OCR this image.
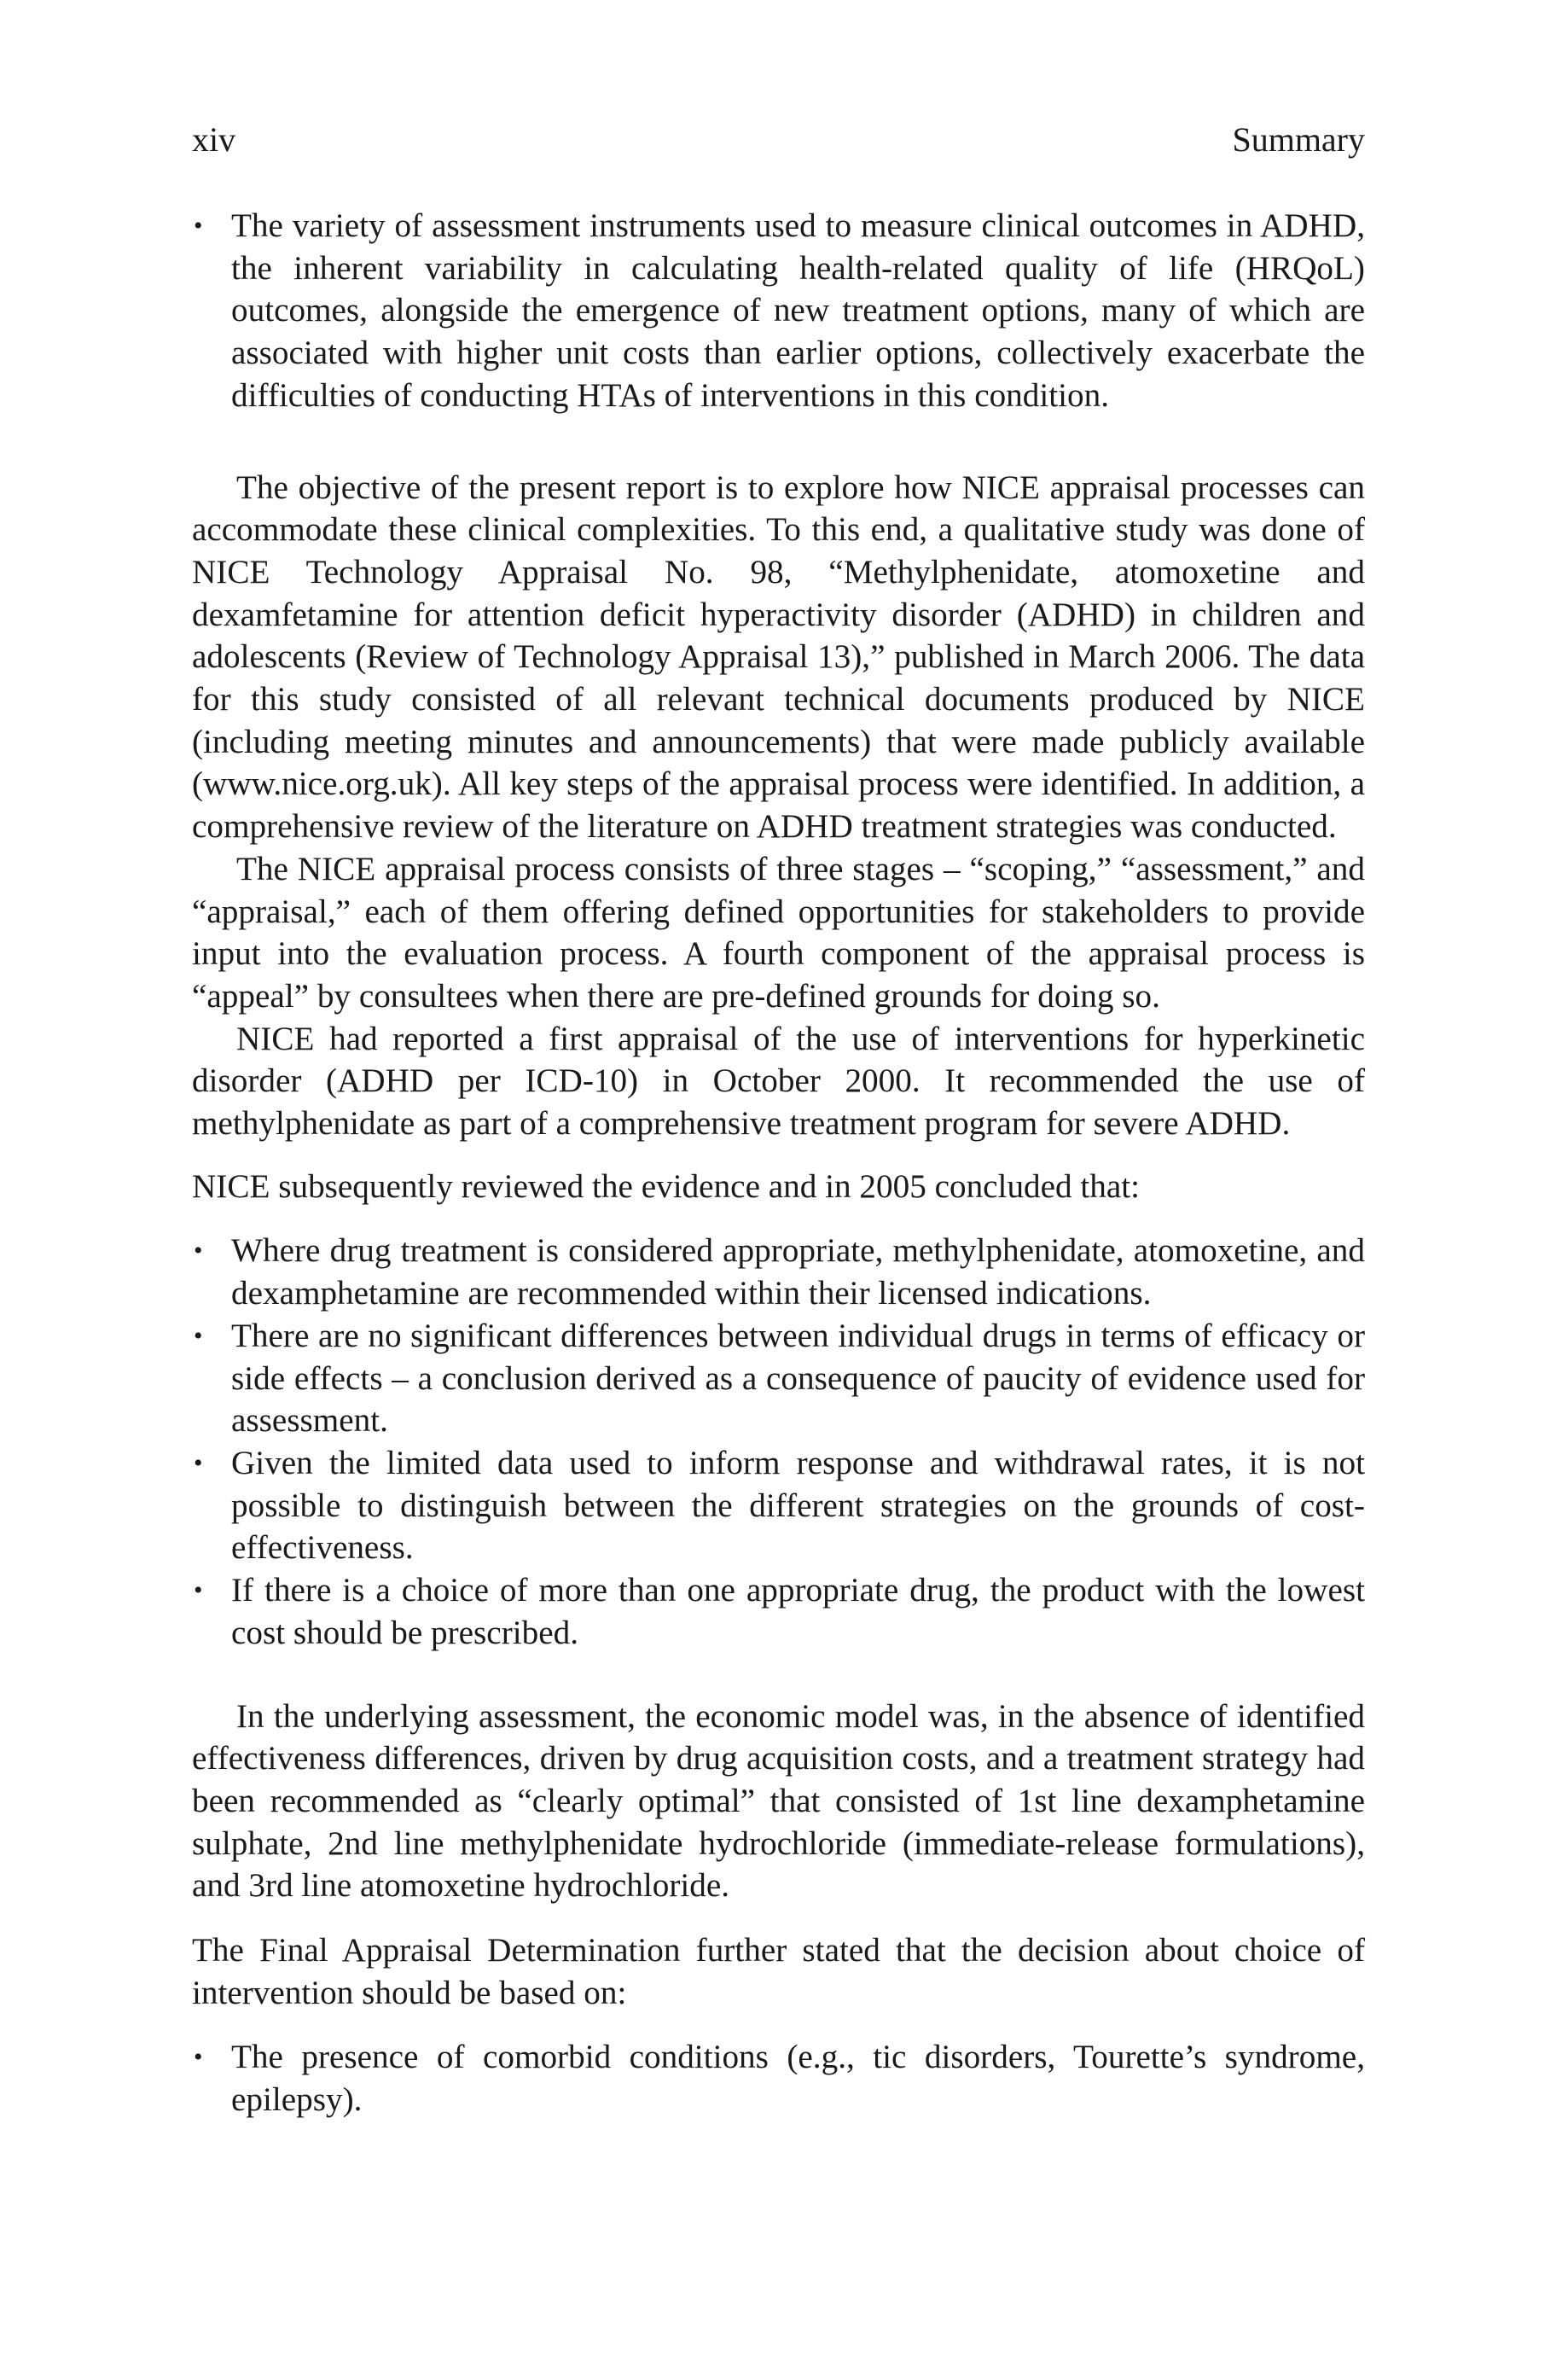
xiv	Summary
• The variety of assessment instruments used to measure clinical outcomes in ADHD, the inherent variability in calculating health-related quality of life (HRQoL) outcomes, alongside the emergence of new treatment options, many of which are associated with higher unit costs than earlier options, collectively exacerbate the difficulties of conducting HTAs of interventions in this condition.

The objective of the present report is to explore how NICE appraisal processes can accommodate these clinical complexities. To this end, a qualitative study was done of NICE Technology Appraisal No. 98, “Methylphenidate, atomoxetine and dexamfetamine for attention deficit hyperactivity disorder (ADHD) in children and adolescents (Review of Technology Appraisal 13),” published in March 2006. The data for this study consisted of all relevant technical documents produced by NICE (including meeting minutes and announcements) that were made publicly available (www.nice.org.uk). All key steps of the appraisal process were identified. In addition, a comprehensive review of the literature on ADHD treatment strategies was conducted.

The NICE appraisal process consists of three stages – “scoping,” “assessment,” and “appraisal,” each of them offering defined opportunities for stakeholders to provide input into the evaluation process. A fourth component of the appraisal process is “appeal” by consultees when there are pre-defined grounds for doing so.

NICE had reported a first appraisal of the use of interventions for hyperkinetic disorder (ADHD per ICD-10) in October 2000. It recommended the use of methylphenidate as part of a comprehensive treatment program for severe ADHD.

NICE subsequently reviewed the evidence and in 2005 concluded that:

• Where drug treatment is considered appropriate, methylphenidate, atomoxetine, and dexamphetamine are recommended within their licensed indications.
• There are no significant differences between individual drugs in terms of efficacy or side effects – a conclusion derived as a consequence of paucity of evidence used for assessment.
• Given the limited data used to inform response and withdrawal rates, it is not possible to distinguish between the different strategies on the grounds of cost-effectiveness.
• If there is a choice of more than one appropriate drug, the product with the lowest cost should be prescribed.

In the underlying assessment, the economic model was, in the absence of identified effectiveness differences, driven by drug acquisition costs, and a treatment strategy had been recommended as “clearly optimal” that consisted of 1st line dexamphetamine sulphate, 2nd line methylphenidate hydrochloride (immediate-release formulations), and 3rd line atomoxetine hydrochloride.

The Final Appraisal Determination further stated that the decision about choice of intervention should be based on:

• The presence of comorbid conditions (e.g., tic disorders, Tourette’s syndrome, epilepsy).
